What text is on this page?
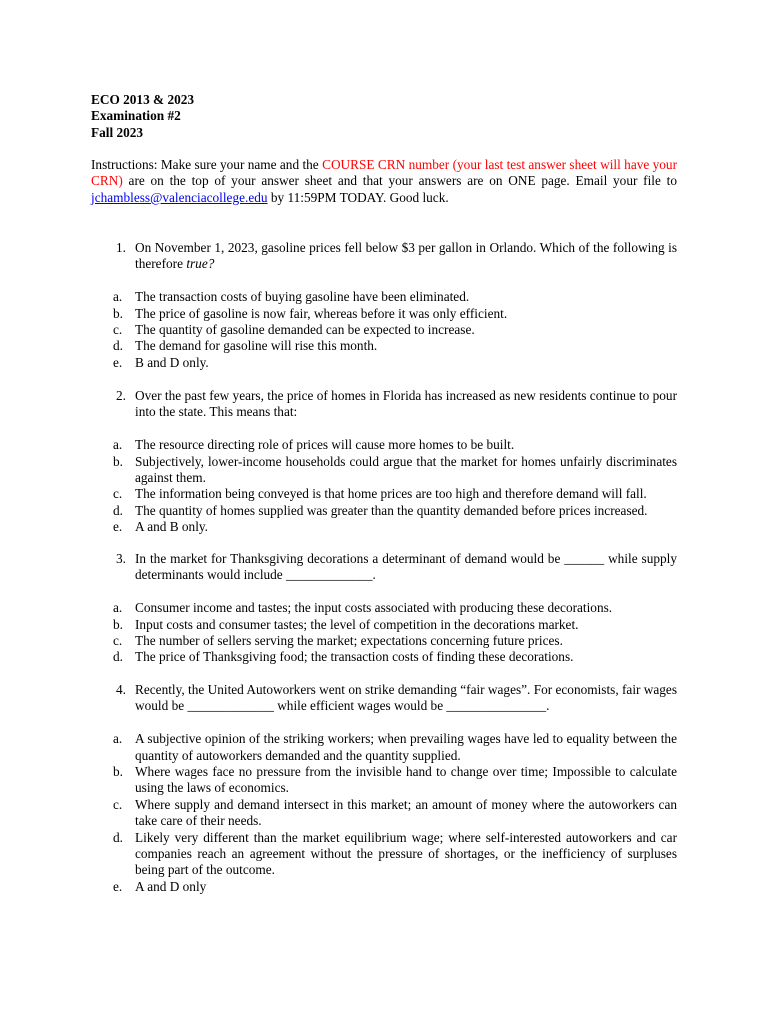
ECO 2013 & 2023
Examination #2
Fall 2023
Instructions: Make sure your name and the COURSE CRN number (your last test answer sheet will have your CRN) are on the top of your answer sheet and that your answers are on ONE page. Email your file to jchambless@valenciacollege.edu by 11:59PM TODAY. Good luck.
1. On November 1, 2023, gasoline prices fell below $3 per gallon in Orlando. Which of the following is therefore true?
a. The transaction costs of buying gasoline have been eliminated.
b. The price of gasoline is now fair, whereas before it was only efficient.
c. The quantity of gasoline demanded can be expected to increase.
d. The demand for gasoline will rise this month.
e. B and D only.
2. Over the past few years, the price of homes in Florida has increased as new residents continue to pour into the state. This means that:
a. The resource directing role of prices will cause more homes to be built.
b. Subjectively, lower-income households could argue that the market for homes unfairly discriminates against them.
c. The information being conveyed is that home prices are too high and therefore demand will fall.
d. The quantity of homes supplied was greater than the quantity demanded before prices increased.
e. A and B only.
3. In the market for Thanksgiving decorations a determinant of demand would be ______ while supply determinants would include _____________.
a. Consumer income and tastes; the input costs associated with producing these decorations.
b. Input costs and consumer tastes; the level of competition in the decorations market.
c. The number of sellers serving the market; expectations concerning future prices.
d. The price of Thanksgiving food; the transaction costs of finding these decorations.
4. Recently, the United Autoworkers went on strike demanding “fair wages”. For economists, fair wages would be _____________ while efficient wages would be _______________.
a. A subjective opinion of the striking workers; when prevailing wages have led to equality between the quantity of autoworkers demanded and the quantity supplied.
b. Where wages face no pressure from the invisible hand to change over time; Impossible to calculate using the laws of economics.
c. Where supply and demand intersect in this market; an amount of money where the autoworkers can take care of their needs.
d. Likely very different than the market equilibrium wage; where self-interested autoworkers and car companies reach an agreement without the pressure of shortages, or the inefficiency of surpluses being part of the outcome.
e. A and D only
